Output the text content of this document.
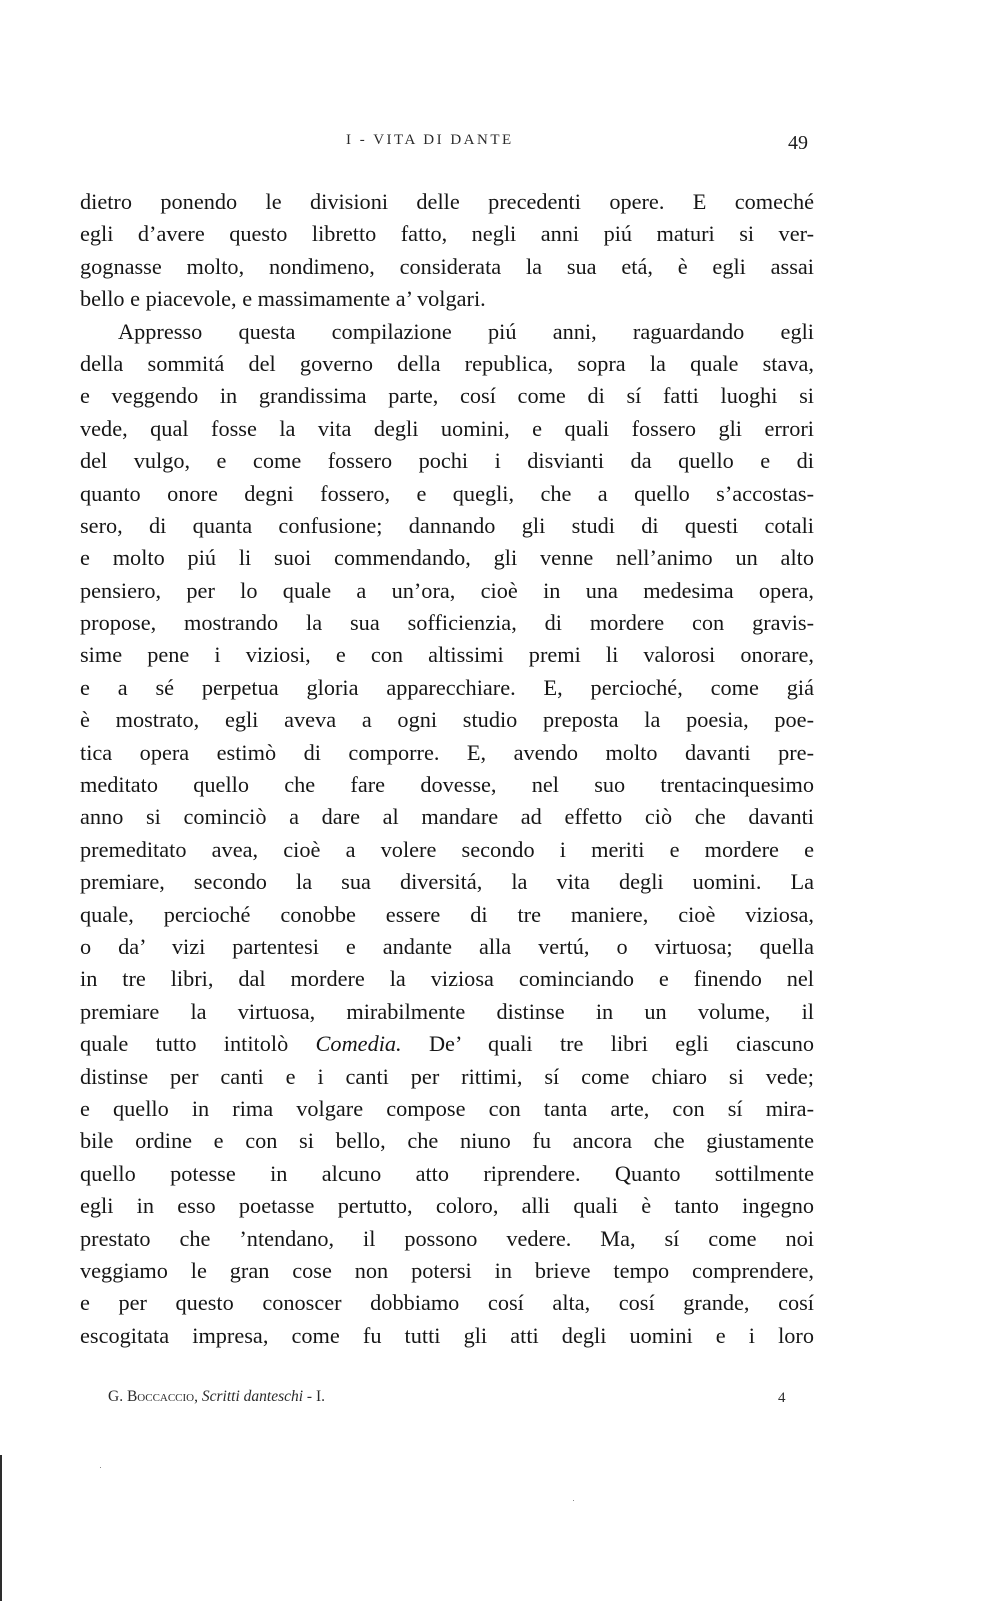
I - VITA DI DANTE	49
dietro ponendo le divisioni delle precedenti opere. E comeché
egli d’avere questo libretto fatto, negli anni piú maturi si ver-
gognasse molto, nondimeno, considerata la sua etá, è egli assai
bello e piacevole, e massimamente a’ volgari.
Appresso questa compilazione piú anni, raguardando egli
della sommitá del governo della republica, sopra la quale stava,
e veggendo in grandissima parte, cosí come di sí fatti luoghi si
vede, qual fosse la vita degli uomini, e quali fossero gli errori
del vulgo, e come fossero pochi i disvianti da quello e di
quanto onore degni fossero, e quegli, che a quello s’accostas-
sero, di quanta confusione; dannando gli studi di questi cotali
e molto piú li suoi commendando, gli venne nell’animo un alto
pensiero, per lo quale a un’ora, cioè in una medesima opera,
propose, mostrando la sua sofficienzia, di mordere con gravis-
sime pene i viziosi, e con altissimi premi li valorosi onorare,
e a sé perpetua gloria apparecchiare. E, percioché, come giá
è mostrato, egli aveva a ogni studio preposta la poesia, poe-
tica opera estimò di comporre. E, avendo molto davanti pre-
meditato quello che fare dovesse, nel suo trentacinquesimo
anno si cominciò a dare al mandare ad effetto ciò che davanti
premeditato avea, cioè a volere secondo i meriti e mordere e
premiare, secondo la sua diversitá, la vita degli uomini. La
quale, percioché conobbe essere di tre maniere, cioè viziosa,
o da’ vizi partentesi e andante alla vertú, o virtuosa; quella
in tre libri, dal mordere la viziosa cominciando e finendo nel
premiare la virtuosa, mirabilmente distinse in un volume, il
quale tutto intitolò Comedia. De’ quali tre libri egli ciascuno
distinse per canti e i canti per rittimi, sí come chiaro si vede;
e quello in rima volgare compose con tanta arte, con sí mira-
bile ordine e con si bello, che niuno fu ancora che giustamente
quello potesse in alcuno atto riprendere. Quanto sottilmente
egli in esso poetasse pertutto, coloro, alli quali è tanto ingegno
prestato che ’ntendano, il possono vedere. Ma, sí come noi
veggiamo le gran cose non potersi in brieve tempo comprendere,
e per questo conoscer dobbiamo cosí alta, cosí grande, cosí
escogitata impresa, come fu tutti gli atti degli uomini e i loro
G. Boccaccio, Scritti danteschi - I.	4
